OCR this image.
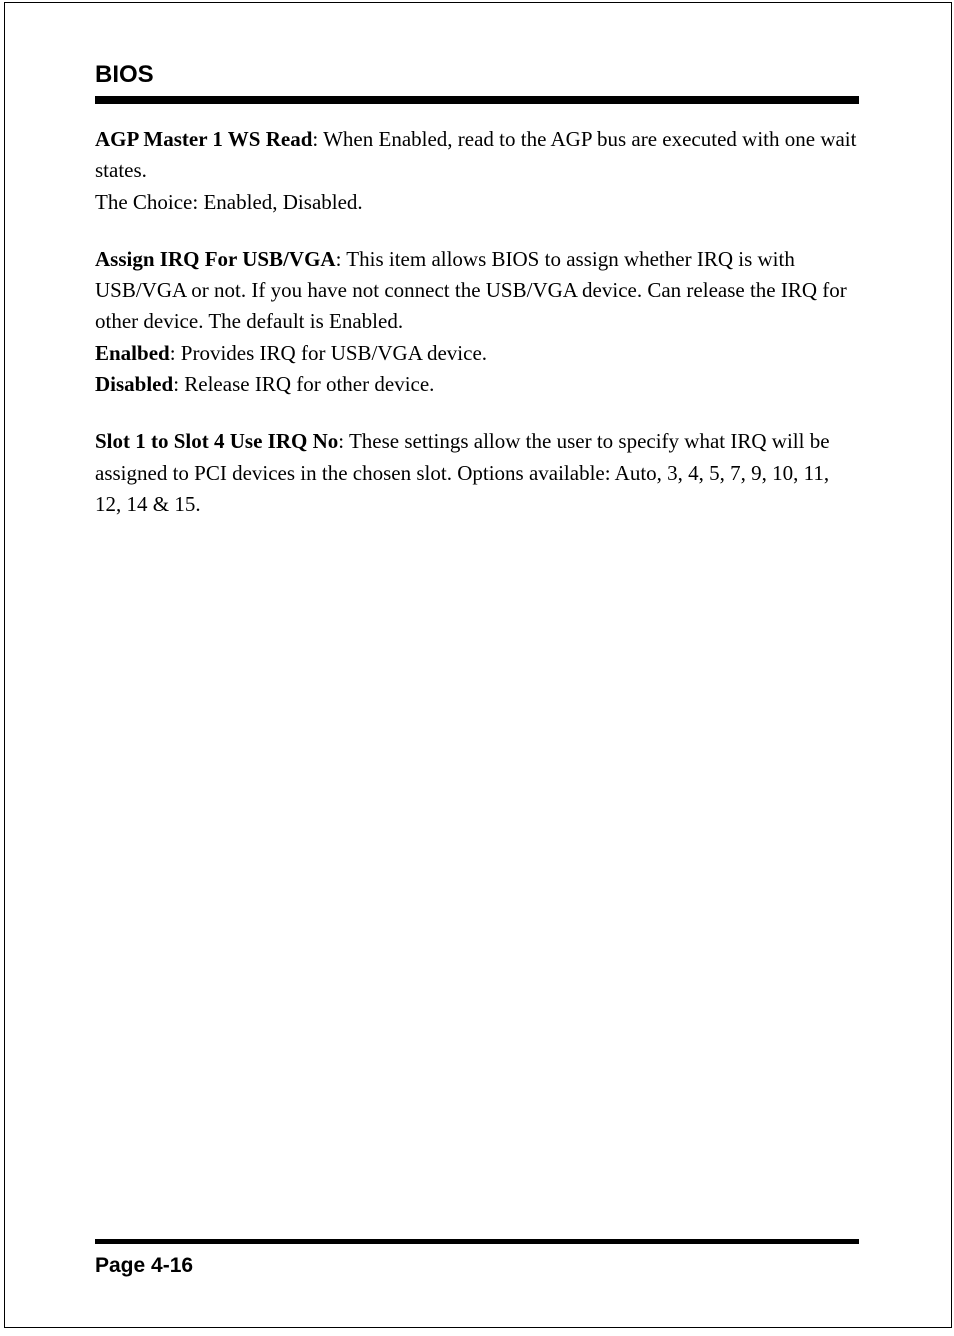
BIOS

AGP Master 1 WS Read: When Enabled, read to the AGP bus are executed with one wait states.

The Choice: Enabled, Disabled.

Assign IRQ For USB/VGA: This item allows BIOS to assign whether IRQ is with USB/VGA or not. If you have not connect the USB/VGA device. Can release the IRQ for other device. The default is Enabled.

Enalbed: Provides IRQ for USB/VGA device.

Disabled: Release IRQ for other device.

Slot 1 to Slot 4 Use IRQ No: These settings allow the user to specify what IRQ will be assigned to PCI devices in the chosen slot. Options available: Auto, 3, 4, 5, 7, 9, 10, 11, 12, 14 & 15.

Page 4-16
